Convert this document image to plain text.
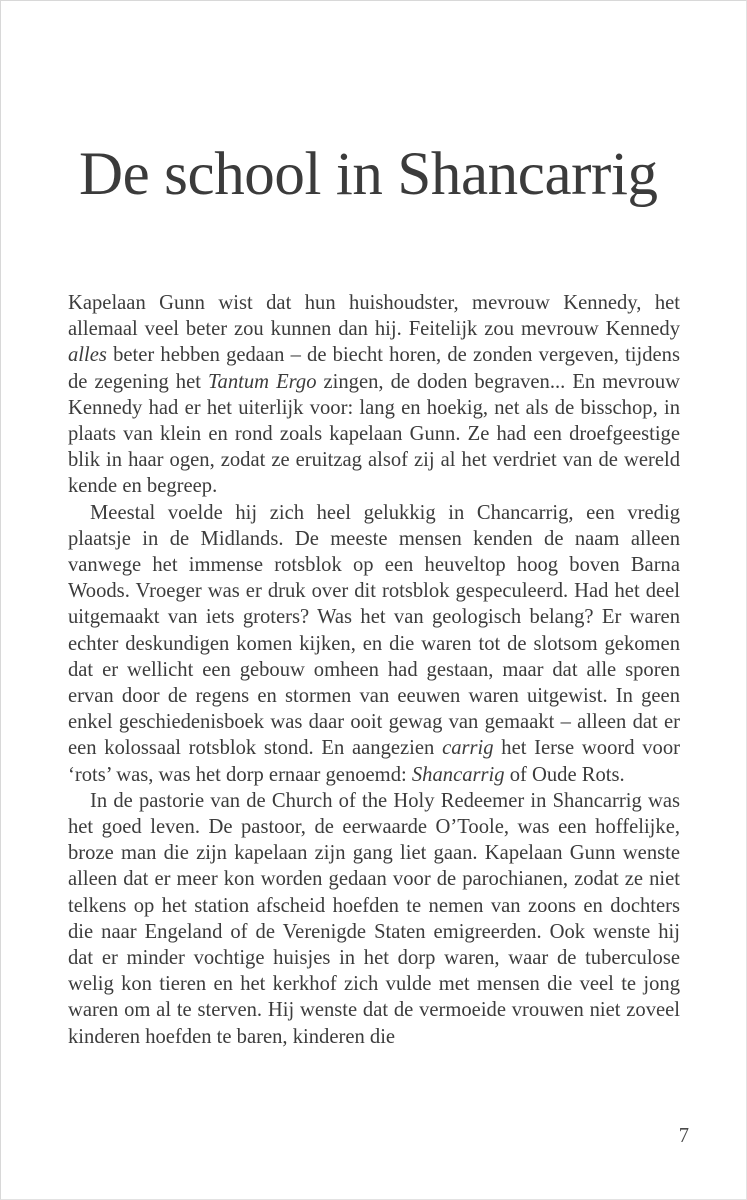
De school in Shancarrig

Kapelaan Gunn wist dat hun huishoudster, mevrouw Kennedy, het allemaal veel beter zou kunnen dan hij. Feitelijk zou mevrouw Kennedy alles beter hebben gedaan – de biecht horen, de zonden vergeven, tijdens de zegening het Tantum Ergo zingen, de doden begraven... En mevrouw Kennedy had er het uiterlijk voor: lang en hoekig, net als de bisschop, in plaats van klein en rond zoals kapelaan Gunn. Ze had een droefgeestige blik in haar ogen, zodat ze eruitzag alsof zij al het verdriet van de wereld kende en begreep.

Meestal voelde hij zich heel gelukkig in Chancarrig, een vredig plaatsje in de Midlands. De meeste mensen kenden de naam alleen vanwege het immense rotsblok op een heuveltop hoog boven Barna Woods. Vroeger was er druk over dit rotsblok gespeculeerd. Had het deel uitgemaakt van iets groters? Was het van geologisch belang? Er waren echter deskundigen komen kijken, en die waren tot de slotsom gekomen dat er wellicht een gebouw omheen had gestaan, maar dat alle sporen ervan door de regens en stormen van eeuwen waren uitgewist. In geen enkel geschiedenisboek was daar ooit gewag van gemaakt – alleen dat er een kolossaal rotsblok stond. En aangezien carrig het Ierse woord voor ‘rots’ was, was het dorp ernaar genoemd: Shancarrig of Oude Rots.

In de pastorie van de Church of the Holy Redeemer in Shancarrig was het goed leven. De pastoor, de eerwaarde O’Toole, was een hoffelijke, broze man die zijn kapelaan zijn gang liet gaan. Kapelaan Gunn wenste alleen dat er meer kon worden gedaan voor de parochianen, zodat ze niet telkens op het station afscheid hoefden te nemen van zoons en dochters die naar Engeland of de Verenigde Staten emigreerden. Ook wenste hij dat er minder vochtige huisjes in het dorp waren, waar de tuberculose welig kon tieren en het kerkhof zich vulde met mensen die veel te jong waren om al te sterven. Hij wenste dat de vermoeide vrouwen niet zoveel kinderen hoefden te baren, kinderen die

7
